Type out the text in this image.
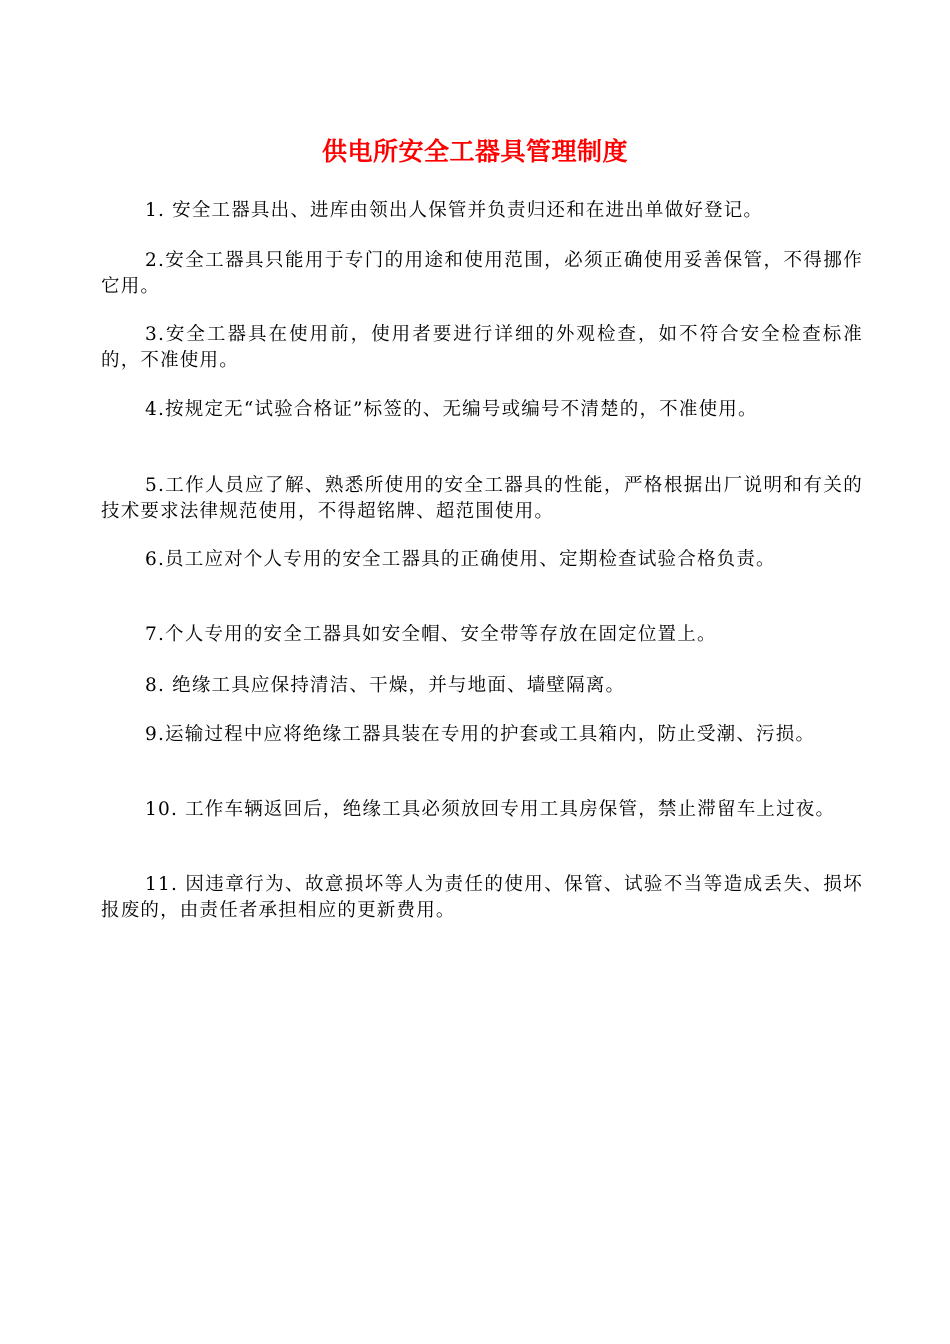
供电所安全工器具管理制度
1. 安全工器具出、进库由领出人保管并负责归还和在进出单做好登记。
2.安全工器具只能用于专门的用途和使用范围，必须正确使用妥善保管，不得挪作它用。
3.安全工器具在使用前，使用者要进行详细的外观检查，如不符合安全检查标准的，不准使用。
4.按规定无“试验合格证”标签的、无编号或编号不清楚的，不准使用。
5.工作人员应了解、熟悉所使用的安全工器具的性能，严格根据出厂说明和有关的技术要求法律规范使用，不得超铭牌、超范围使用。
6.员工应对个人专用的安全工器具的正确使用、定期检查试验合格负责。
7.个人专用的安全工器具如安全帽、安全带等存放在固定位置上。
8. 绝缘工具应保持清洁、干燥，并与地面、墙壁隔离。
9.运输过程中应将绝缘工器具装在专用的护套或工具箱内，防止受潮、污损。
10. 工作车辆返回后，绝缘工具必须放回专用工具房保管，禁止滞留车上过夜。
11. 因违章行为、故意损坏等人为责任的使用、保管、试验不当等造成丢失、损坏报废的，由责任者承担相应的更新费用。
